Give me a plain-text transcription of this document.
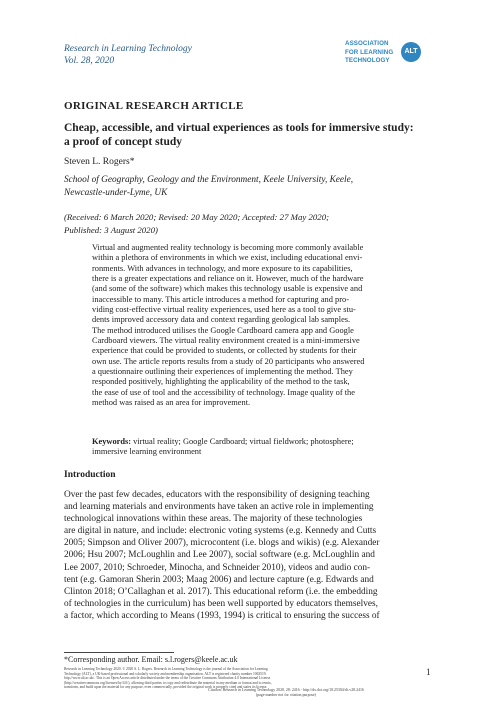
Research in Learning Technology
Vol. 28, 2020
ASSOCIATION
FOR LEARNING
TECHNOLOGY
ALT
ORIGINAL RESEARCH ARTICLE
Cheap, accessible, and virtual experiences as tools for immersive study:
a proof of concept study
Steven L. Rogers*
School of Geography, Geology and the Environment, Keele University, Keele,
Newcastle-under-Lyme, UK
(Received: 6 March 2020; Revised: 20 May 2020; Accepted: 27 May 2020;
Published: 3 August 2020)
Virtual and augmented reality technology is becoming more commonly available
within a plethora of environments in which we exist, including educational envi-
ronments. With advances in technology, and more exposure to its capabilities,
there is a greater expectations and reliance on it. However, much of the hardware
(and some of the software) which makes this technology usable is expensive and
inaccessible to many. This article introduces a method for capturing and pro-
viding cost-effective virtual reality experiences, used here as a tool to give stu-
dents improved accessory data and context regarding geological lab samples.
The method introduced utilises the Google Cardboard camera app and Google
Cardboard viewers. The virtual reality environment created is a mini-immersive
experience that could be provided to students, or collected by students for their
own use. The article reports results from a study of 20 participants who answered
a questionnaire outlining their experiences of implementing the method. They
responded positively, highlighting the applicability of the method to the task,
the ease of use of tool and the accessibility of technology. Image quality of the
method was raised as an area for improvement.
Keywords: virtual reality; Google Cardboard; virtual fieldwork; photosphere;
immersive learning environment
Introduction
Over the past few decades, educators with the responsibility of designing teaching
and learning materials and environments have taken an active role in implementing
technological innovations within these areas. The majority of these technologies
are digital in nature, and include: electronic voting systems (e.g. Kennedy and Cutts
2005; Simpson and Oliver 2007), microcontent (i.e. blogs and wikis) (e.g. Alexander
2006; Hsu 2007; McLoughlin and Lee 2007), social software (e.g. McLoughlin and
Lee 2007, 2010; Schroeder, Minocha, and Schneider 2010), videos and audio con-
tent (e.g. Gamoran Sherin 2003; Maag 2006) and lecture capture (e.g. Edwards and
Clinton 2018; O’Callaghan et al. 2017). This educational reform (i.e. the embedding
of technologies in the curriculum) has been well supported by educators themselves,
a factor, which according to Means (1993, 1994) is critical to ensuring the success of
*Corresponding author. Email: s.l.rogers@keele.ac.uk
Research in Learning Technology 2020. © 2020 S. L. Rogers. Research in Learning Technology is the journal of the Association for Learning
Technology (ALT), a UK-based professional and scholarly society and membership organisation. ALT is registered charity number 1063519.
http://www.alt.ac.uk/. This is an Open Access article distributed under the terms of the Creative Commons Attribution 4.0 International License
(http://creativecommons.org/licenses/by/4.0/), allowing third parties to copy and redistribute the material in any medium or format and to remix,
transform, and build upon the material for any purpose, even commercially, provided the original work is properly cited and states its license.
1
Citation: Research in Learning Technology 2020, 28: 2416 - http://dx.doi.org/10.25304/rlt.v28.2416
(page number not for citation purpose)
